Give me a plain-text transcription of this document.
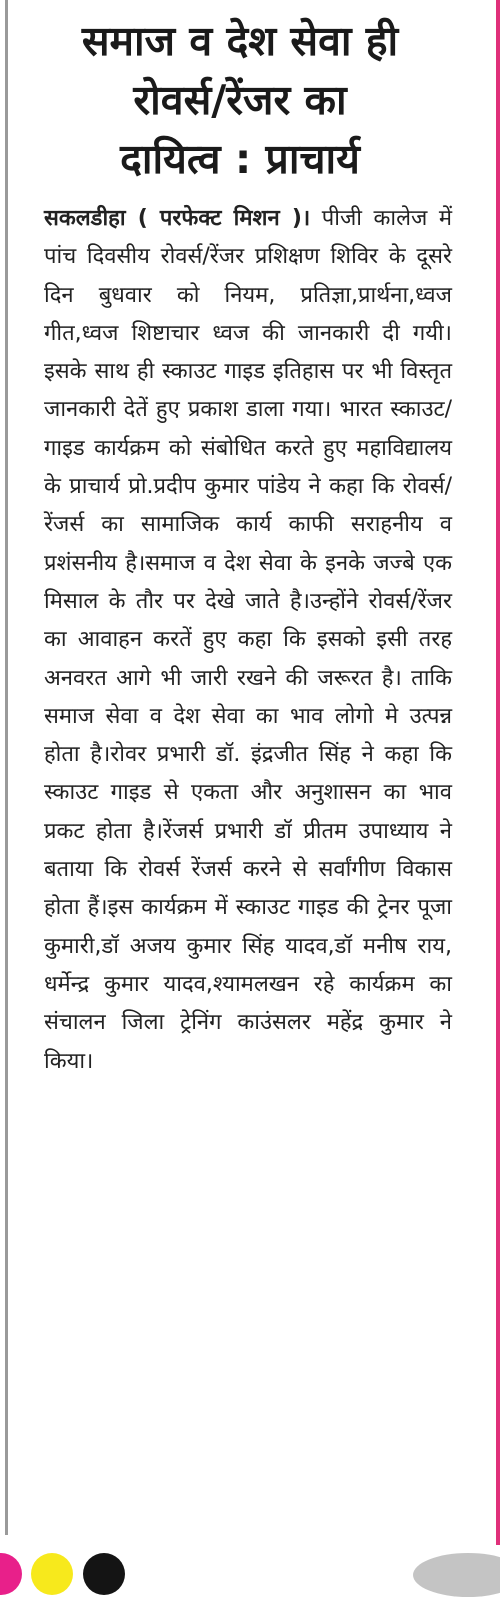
समाज व देश सेवा ही
रोवर्स/रेंजर का
दायित्व : प्राचार्य
सकलडीहा ( परफेक्ट मिशन )। पीजी कालेज में पांच दिवसीय रोवर्स/रेंजर प्रशिक्षण शिविर के दूसरे दिन बुधवार को नियम, प्रतिज्ञा,प्रार्थना,ध्वज गीत,ध्वज शिष्टाचार ध्वज की जानकारी दी गयी। इसके साथ ही स्काउट गाइड इतिहास पर भी विस्तृत जानकारी देतें हुए प्रकाश डाला गया। भारत स्काउट/गाइड कार्यक्रम को संबोधित करते हुए महाविद्यालय के प्राचार्य प्रो.प्रदीप कुमार पांडेय ने कहा कि रोवर्स/रेंजर्स का सामाजिक कार्य काफी सराहनीय व प्रशंसनीय है।समाज व देश सेवा के इनके जज्बे एक मिसाल के तौर पर देखे जाते है।उन्होंने रोवर्स/रेंजर का आवाहन करतें हुए कहा कि इसको इसी तरह अनवरत आगे भी जारी रखने की जरूरत है। ताकि समाज सेवा व देश सेवा का भाव लोगो मे उत्पन्न होता है।रोवर प्रभारी डॉ. इंद्रजीत सिंह ने कहा कि स्काउट गाइड से एकता और अनुशासन का भाव प्रकट होता है।रेंजर्स प्रभारी डॉ प्रीतम उपाध्याय ने बताया कि रोवर्स रेंजर्स करने से सर्वांगीण विकास होता हैं।इस कार्यक्रम में स्काउट गाइड की ट्रेनर पूजा कुमारी,डॉ अजय कुमार सिंह यादव,डॉ मनीष राय, धर्मेन्द्र कुमार यादव,श्यामलखन रहे कार्यक्रम का संचालन जिला ट्रेनिंग काउंसलर महेंद्र कुमार ने किया।
